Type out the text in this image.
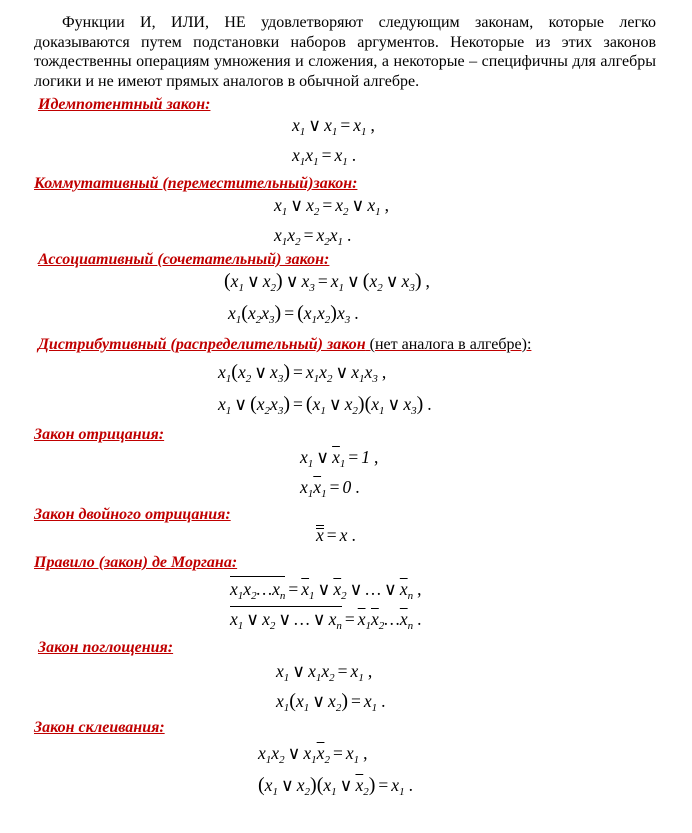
Функции И, ИЛИ, НЕ удовлетворяют следующим законам, которые легко доказываются путем подстановки наборов аргументов. Некоторые из этих законов тождественны операциям умножения и сложения, а некоторые – специфичны для алгебры логики и не имеют прямых аналогов в обычной алгебре.

Идемпотентный закон:

$x_1$ ∨ $x_1 = x_1$ ,
$x_1x_1 = x_1$ .

Коммутативный (переместительный)закон:

$x_1$ ∨ $x_2 = x_2$ ∨ $x_1$ ,
$x_1x_2 = x_2x_1$ .

Ассоциативный (сочетательный) закон:

($x_1$ ∨ $x_2$) ∨ $x_3 = x_1$ ∨ ($x_2$ ∨ $x_3$) ,
$x_1(x_2x_3) = (x_1x_2)x_3$ .

Дистрибутивный (распределительный) закон (нет аналога в алгебре):

$x_1(x_2$ ∨ $x_3) = x_1x_2$ ∨ $x_1x_3$ ,
$x_1$ ∨ $(x_2x_3) = (x_1$ ∨ $x_2)(x_1$ ∨ $x_3$) .

Закон отрицания:

$x_1$ ∨ $\overline{x}_1 = 1$ ,
$x_1\overline{x}_1 = 0$ .

Закон двойного отрицания:

x = x .

Правило (закон) де Моргана:

$x_1x_2\dots x_n = \overline{x}_1$ ∨ $\overline{x}_2$ ∨ … ∨ $\overline{x}_n$ ,
$x_1$ ∨ $x_2$ ∨ … ∨ $x_n$ = $\overline{x}_1\overline{x}_2\dots\overline{x}_n$ .

Закон поглощения:

$x_1$ ∨ $x_1x_2 = x_1$ ,
$x_1(x_1$ ∨ $x_2) = x_1$ .

Закон склеивания:

$x_1x_2$ ∨ $x_1\overline{x}_2 = x_1$ ,
($x_1$ ∨ $x_2)(x_1$ ∨ $\overline{x}_2) = x_1$ .
